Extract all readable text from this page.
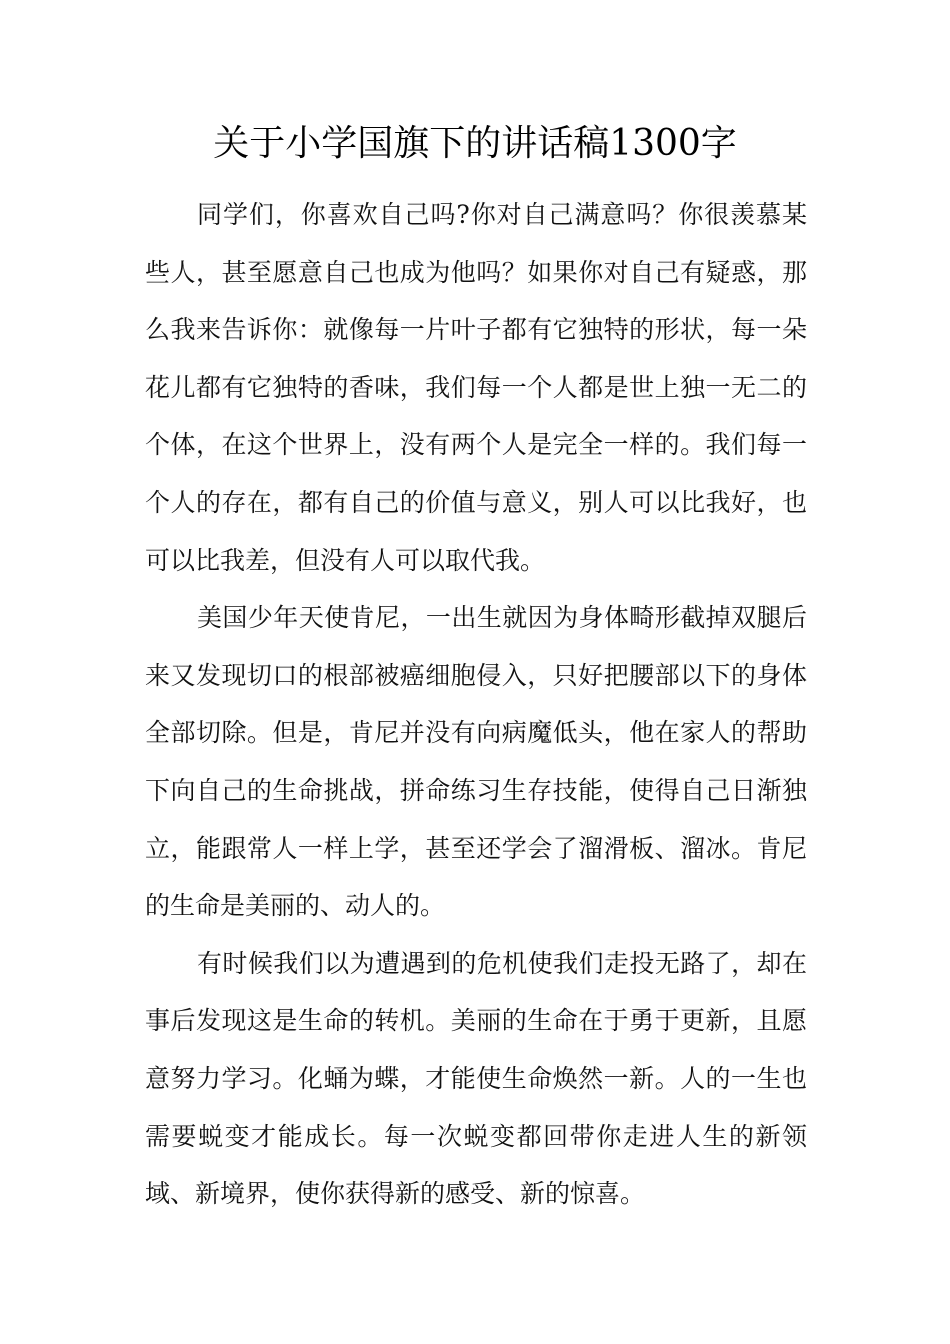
关于小学国旗下的讲话稿1300字

同学们，你喜欢自己吗?你对自己满意吗？你很羡慕某些人，甚至愿意自己也成为他吗？如果你对自己有疑惑，那么我来告诉你：就像每一片叶子都有它独特的形状，每一朵花儿都有它独特的香味，我们每一个人都是世上独一无二的个体，在这个世界上，没有两个人是完全一样的。我们每一个人的存在，都有自己的价值与意义，别人可以比我好，也可以比我差，但没有人可以取代我。

美国少年天使肯尼，一出生就因为身体畸形截掉双腿后来又发现切口的根部被癌细胞侵入，只好把腰部以下的身体全部切除。但是，肯尼并没有向病魔低头，他在家人的帮助下向自己的生命挑战，拼命练习生存技能，使得自己日渐独立，能跟常人一样上学，甚至还学会了溜滑板、溜冰。肯尼的生命是美丽的、动人的。

有时候我们以为遭遇到的危机使我们走投无路了，却在事后发现这是生命的转机。美丽的生命在于勇于更新，且愿意努力学习。化蛹为蝶，才能使生命焕然一新。人的一生也需要蜕变才能成长。每一次蜕变都回带你走进人生的新领域、新境界，使你获得新的感受、新的惊喜。
